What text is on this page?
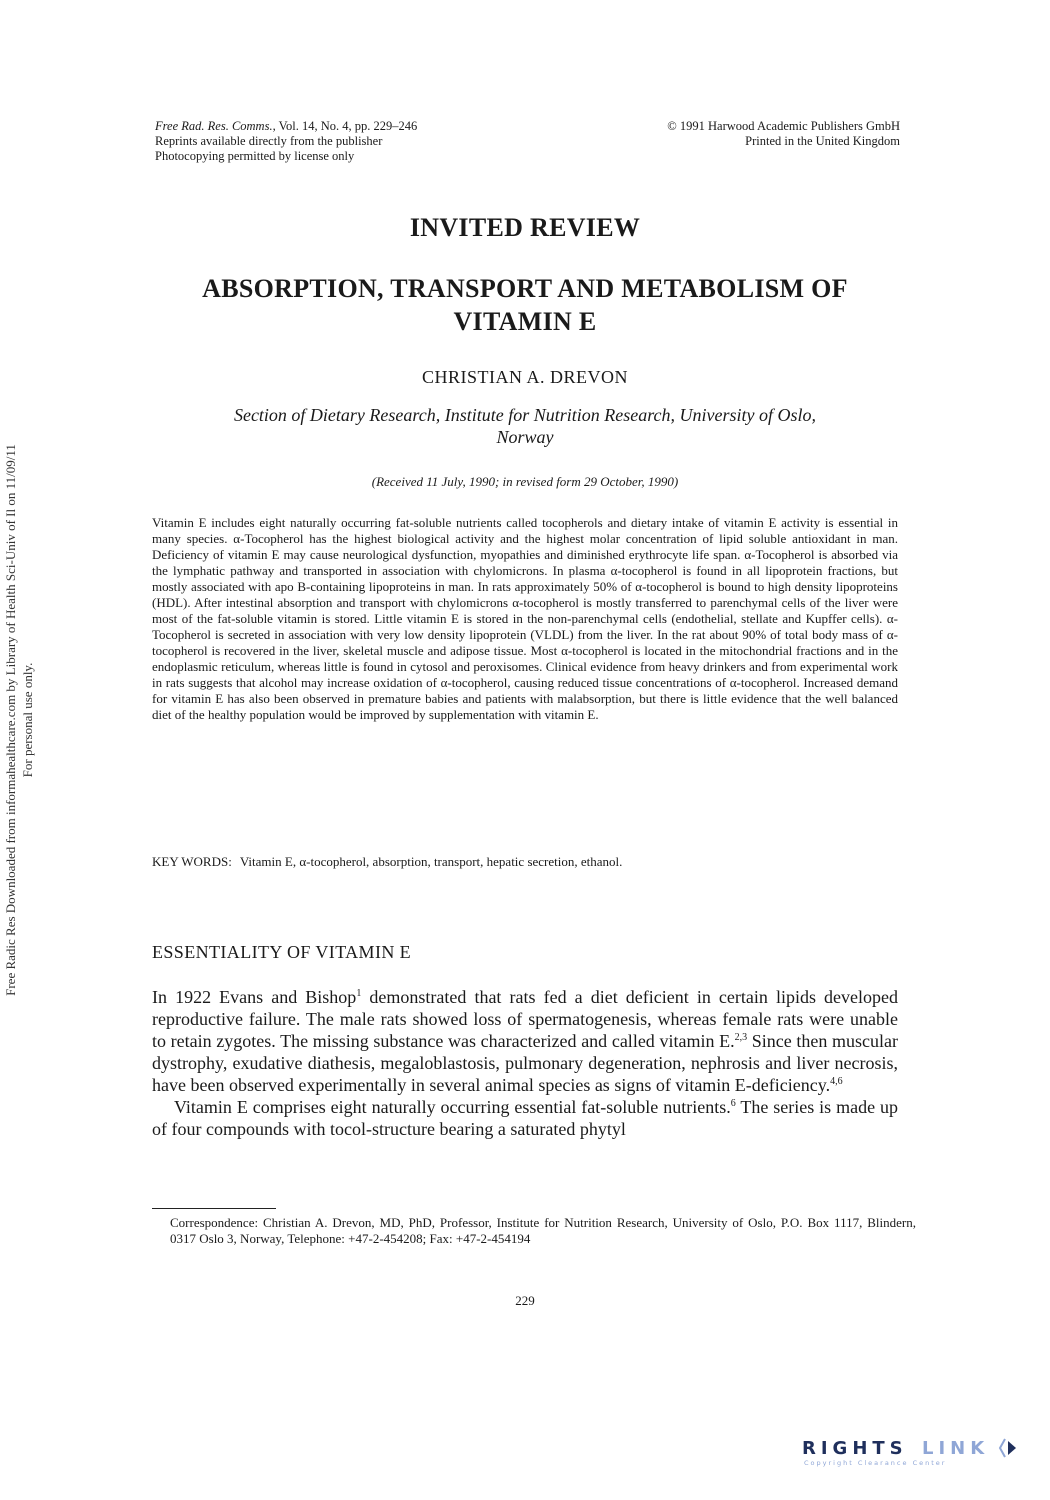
Free Radic Res Downloaded from informahealthcare.com by Library of Health Sci-Univ of Il on 11/09/11 For personal use only.
Free Rad. Res. Comms., Vol. 14, No. 4, pp. 229–246
Reprints available directly from the publisher
Photocopying permitted by license only
© 1991 Harwood Academic Publishers GmbH
Printed in the United Kingdom
INVITED REVIEW
ABSORPTION, TRANSPORT AND METABOLISM OF
VITAMIN E
CHRISTIAN A. DREVON
Section of Dietary Research, Institute for Nutrition Research, University of Oslo,
Norway
(Received 11 July, 1990; in revised form 29 October, 1990)

Vitamin E includes eight naturally occurring fat-soluble nutrients called tocopherols and dietary intake of vitamin E activity is essential in many species. α-Tocopherol has the highest biological activity and the highest molar concentration of lipid soluble antioxidant in man. Deficiency of vitamin E may cause neurological dysfunction, myopathies and diminished erythrocyte life span. α-Tocopherol is absorbed via the lymphatic pathway and transported in association with chylomicrons. In plasma α-tocopherol is found in all lipoprotein fractions, but mostly associated with apo B-containing lipoproteins in man. In rats approximately 50% of α-tocopherol is bound to high density lipoproteins (HDL). After intestinal absorption and transport with chylomicrons α-tocopherol is mostly transferred to parenchymal cells of the liver were most of the fat-soluble vitamin is stored. Little vitamin E is stored in the non-parenchymal cells (endothelial, stellate and Kupffer cells). α-Tocopherol is secreted in association with very low density lipoprotein (VLDL) from the liver. In the rat about 90% of total body mass of α-tocopherol is recovered in the liver, skeletal muscle and adipose tissue. Most α-tocopherol is located in the mitochondrial fractions and in the endoplasmic reticulum, whereas little is found in cytosol and peroxisomes. Clinical evidence from heavy drinkers and from experimental work in rats suggests that alcohol may increase oxidation of α-tocopherol, causing reduced tissue concentrations of α-tocopherol. Increased demand for vitamin E has also been observed in premature babies and patients with malabsorption, but there is little evidence that the well balanced diet of the healthy population would be improved by supplementation with vitamin E.

KEY WORDS: Vitamin E, α-tocopherol, absorption, transport, hepatic secretion, ethanol.

ESSENTIALITY OF VITAMIN E

In 1922 Evans and Bishop$^1$ demonstrated that rats fed a diet deficient in certain lipids developed reproductive failure. The male rats showed loss of spermatogenesis, whereas female rats were unable to retain zygotes. The missing substance was characterized and called vitamin E.$^{2,3}$ Since then muscular dystrophy, exudative diathesis, megaloblastosis, pulmonary degeneration, nephrosis and liver necrosis, have been observed experimentally in several animal species as signs of vitamin E-deficiency.$^{4,6}$

Vitamin E comprises eight naturally occurring essential fat-soluble nutrients.$^6$ The series is made up of four compounds with tocol-structure bearing a saturated phytyl

Correspondence: Christian A. Drevon, MD, PhD, Professor, Institute for Nutrition Research, University of Oslo, P.O. Box 1117, Blindern, 0317 Oslo 3, Norway, Telephone: +47-2-454208; Fax: +47-2-454194

229
RIGHTS LINK
Copyright Clearance Center
